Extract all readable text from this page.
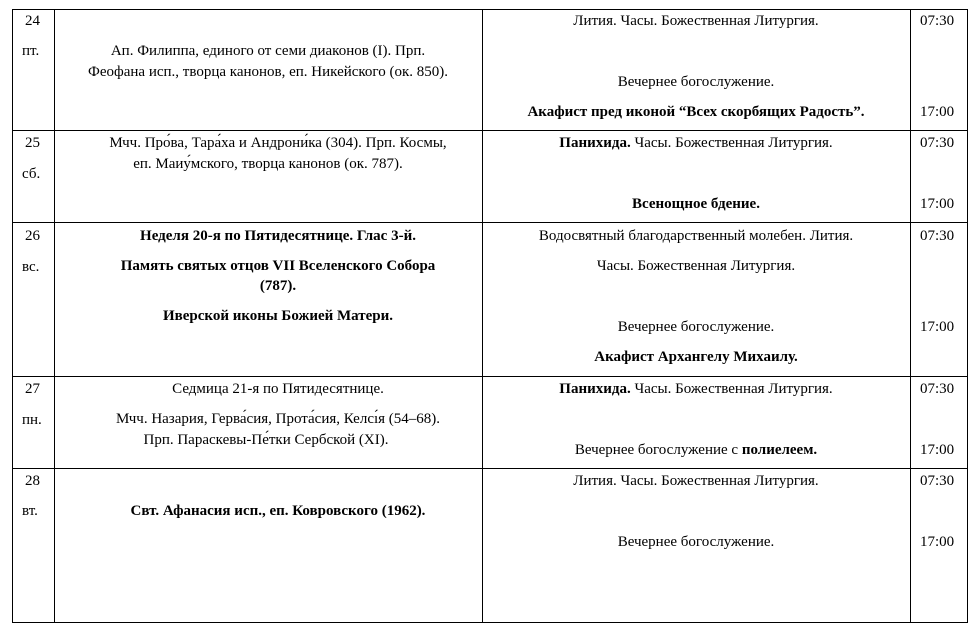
24
пт.	Ап. Филиппа, единого от семи диаконов (I). Прп.
Феофана исп., творца канонов, еп. Никейского (ок. 850).
Лития. Часы. Божественная Литургия.
Вечернее богослужение.
Акафист пред иконой “Всех скорбящих Радость”.
07:30
17:00
25
сб.
Мчч. Про́ва, Тара́ха и Андрони́ка (304). Прп. Космы,
еп. Маиу́мского, творца канонов (ок. 787).
Панихида. Часы. Божественная Литургия.
Всенощное бдение.
07:30
17:00
26
вс.
Неделя 20-я по Пятидесятнице. Глас 3-й.
Память святых отцов VII Вселенского Собора
(787).
Иверской иконы Божией Матери.
Водосвятный благодарственный молебен. Лития.
Часы. Божественная Литургия.
Вечернее богослужение.
Акафист Архангелу Михаилу.
07:30
17:00
27
пн.
Седмица 21-я по Пятидесятнице.
Мчч. Назария, Герва́сия, Прота́сия, Келсı́я (54–68).
Прп. Параскевы-Пе́тки Сербской (XI).
Панихида. Часы. Божественная Литургия.
Вечернее богослужение с полиелеем.
07:30
17:00
28
вт.	Свт. Афанасия исп., еп. Ковровского (1962).
Лития. Часы. Божественная Литургия.
Вечернее богослужение.
07:30
17:00
